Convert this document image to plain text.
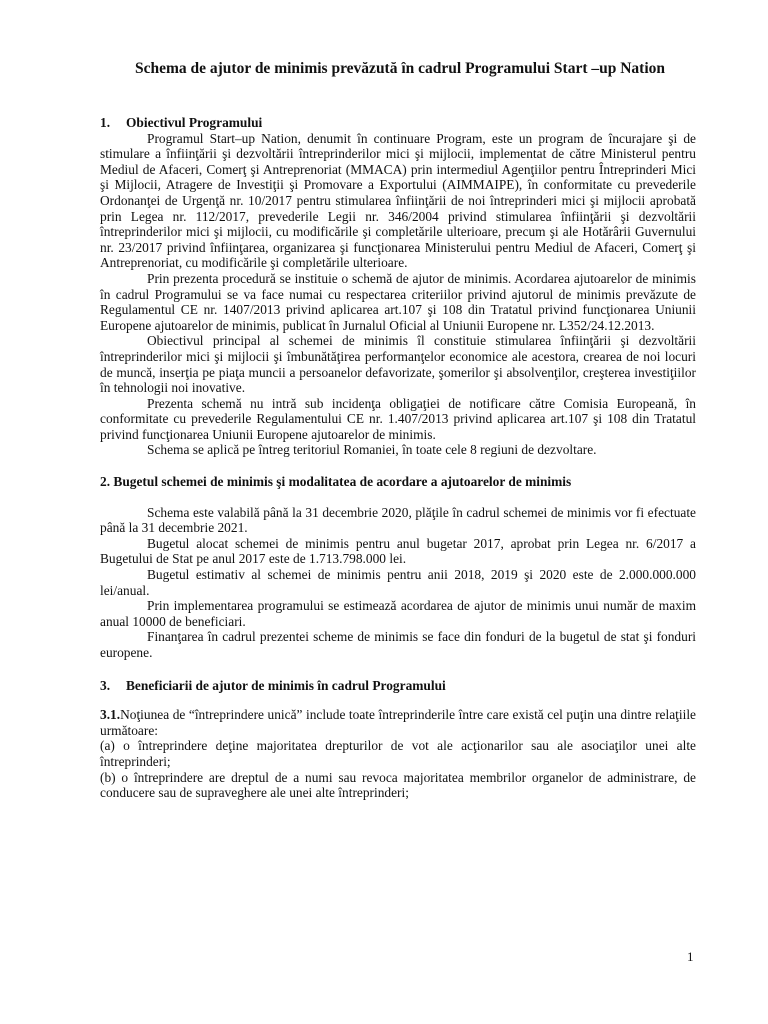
Schema de ajutor de minimis prevăzută în cadrul Programului Start –up Nation
1. Obiectivul Programului
Programul Start–up Nation, denumit în continuare Program, este un program de încurajare şi de stimulare a înfiinţării şi dezvoltării întreprinderilor mici şi mijlocii, implementat de către Ministerul pentru Mediul de Afaceri, Comerţ şi Antreprenoriat (MMACA) prin intermediul Agenţiilor pentru Întreprinderi Mici şi Mijlocii, Atragere de Investiţii şi Promovare a Exportului (AIMMAIPE), în conformitate cu prevederile Ordonanţei de Urgenţă nr. 10/2017 pentru stimularea înfiinţării de noi întreprinderi mici şi mijlocii aprobată prin Legea nr. 112/2017, prevederile Legii nr. 346/2004 privind stimularea înfiinţării şi dezvoltării întreprinderilor mici şi mijlocii, cu modificările şi completările ulterioare, precum şi ale Hotărârii Guvernului nr. 23/2017 privind înfiinţarea, organizarea şi funcţionarea Ministerului pentru Mediul de Afaceri, Comerţ şi Antreprenoriat, cu modificările şi completările ulterioare.
Prin prezenta procedură se instituie o schemă de ajutor de minimis. Acordarea ajutoarelor de minimis în cadrul Programului se va face numai cu respectarea criteriilor privind ajutorul de minimis prevăzute de Regulamentul CE nr. 1407/2013 privind aplicarea art.107 şi 108 din Tratatul privind funcţionarea Uniunii Europene ajutoarelor de minimis, publicat în Jurnalul Oficial al Uniunii Europene nr. L352/24.12.2013.
Obiectivul principal al schemei de minimis îl constituie stimularea înfiinţării şi dezvoltării întreprinderilor mici şi mijlocii şi îmbunătăţirea performanţelor economice ale acestora, crearea de noi locuri de muncă, inserţia pe piaţa muncii a persoanelor defavorizate, şomerilor şi absolvenţilor, creşterea investiţiilor în tehnologii noi inovative.
Prezenta schemă nu intră sub incidenţa obligaţiei de notificare către Comisia Europeană, în conformitate cu prevederile Regulamentului CE nr. 1.407/2013 privind aplicarea art.107 şi 108 din Tratatul privind funcţionarea Uniunii Europene ajutoarelor de minimis.
Schema se aplică pe întreg teritoriul Romaniei, în toate cele 8 regiuni de dezvoltare.
2. Bugetul schemei de minimis şi modalitatea de acordare a ajutoarelor de minimis
Schema este valabilă până la 31 decembrie 2020, plăţile în cadrul schemei de minimis vor fi efectuate până la 31 decembrie 2021.
Bugetul alocat schemei de minimis pentru anul bugetar 2017, aprobat prin Legea nr. 6/2017 a Bugetului de Stat pe anul 2017 este de 1.713.798.000 lei.
Bugetul estimativ al schemei de minimis pentru anii 2018, 2019 şi 2020 este de 2.000.000.000 lei/anual.
Prin implementarea programului se estimează acordarea de ajutor de minimis unui număr de maxim anual 10000 de beneficiari.
Finanţarea în cadrul prezentei scheme de minimis se face din fonduri de la bugetul de stat şi fonduri europene.
3. Beneficiarii de ajutor de minimis în cadrul Programului
3.1.Noţiunea de “întreprindere unică” include toate întreprinderile între care există cel puţin una dintre relaţiile următoare:
(a) o întreprindere deţine majoritatea drepturilor de vot ale acţionarilor sau ale asociaţilor unei alte întreprinderi;
(b) o întreprindere are dreptul de a numi sau revoca majoritatea membrilor organelor de administrare, de conducere sau de supraveghere ale unei alte întreprinderi;
1
